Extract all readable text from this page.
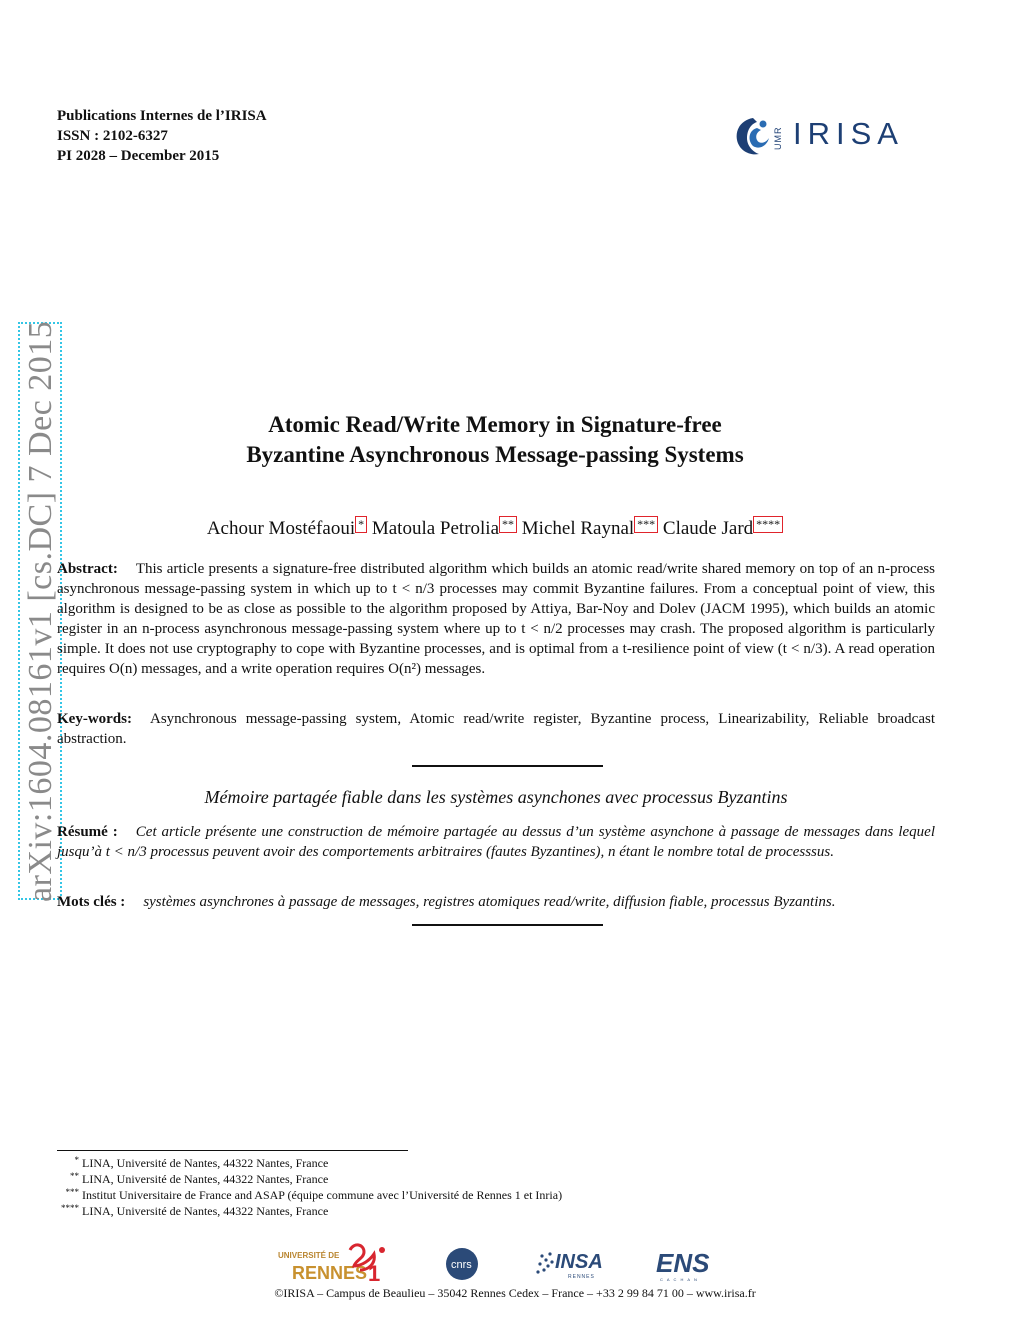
Publications Internes de l’IRISA
ISSN : 2102-6327
PI 2028 – December 2015
UMR IRISA
arXiv:1604.08161v1 [cs.DC] 7 Dec 2015	Atomic Read/Write Memory in Signature-free
Byzantine Asynchronous Message-passing Systems
Achour Mostéfaoui * Matoula Petrolia ** Michel Raynal *** Claude Jard ****
Abstract: This article presents a signature-free distributed algorithm which builds an atomic read/write shared memory on top of an n-process asynchronous message-passing system in which up to t < n/3 processes may commit Byzantine failures. From a conceptual point of view, this algorithm is designed to be as close as possible to the algorithm proposed by Attiya, Bar-Noy and Dolev (JACM 1995), which builds an atomic register in an n-process asynchronous message-passing system where up to t < n/2 processes may crash. The proposed algorithm is particularly simple. It does not use cryptography to cope with Byzantine processes, and is optimal from a t-resilience point of view (t < n/3). A read operation requires O(n) messages, and a write operation requires O(n²) messages.
Key-words: Asynchronous message-passing system, Atomic read/write register, Byzantine process, Linearizability, Reliable broadcast abstraction.
Mémoire partagée fiable dans les systèmes asynchones avec processus Byzantins
Résumé : Cet article présente une construction de mémoire partagée au dessus d’un système asynchone à passage de messages dans lequel jusqu’à t < n/3 processus peuvent avoir des comportements arbitraires (fautes Byzantines), n étant le nombre total de processsus.
Mots clés : systèmes asynchrones à passage de messages, registres atomiques read/write, diffusion fiable, processus Byzantins.
* LINA, Université de Nantes, 44322 Nantes, France
** LINA, Université de Nantes, 44322 Nantes, France
*** Institut Universitaire de France and ASAP (équipe commune avec l’Université de Rennes 1 et Inria)
**** LINA, Université de Nantes, 44322 Nantes, France
UNIVERSITÉ DE
RENNES 1	cnrs	INSA
RENNES ENS
CACHAN
©IRISA – Campus de Beaulieu – 35042 Rennes Cedex – France – +33 2 99 84 71 00 – www.irisa.fr
